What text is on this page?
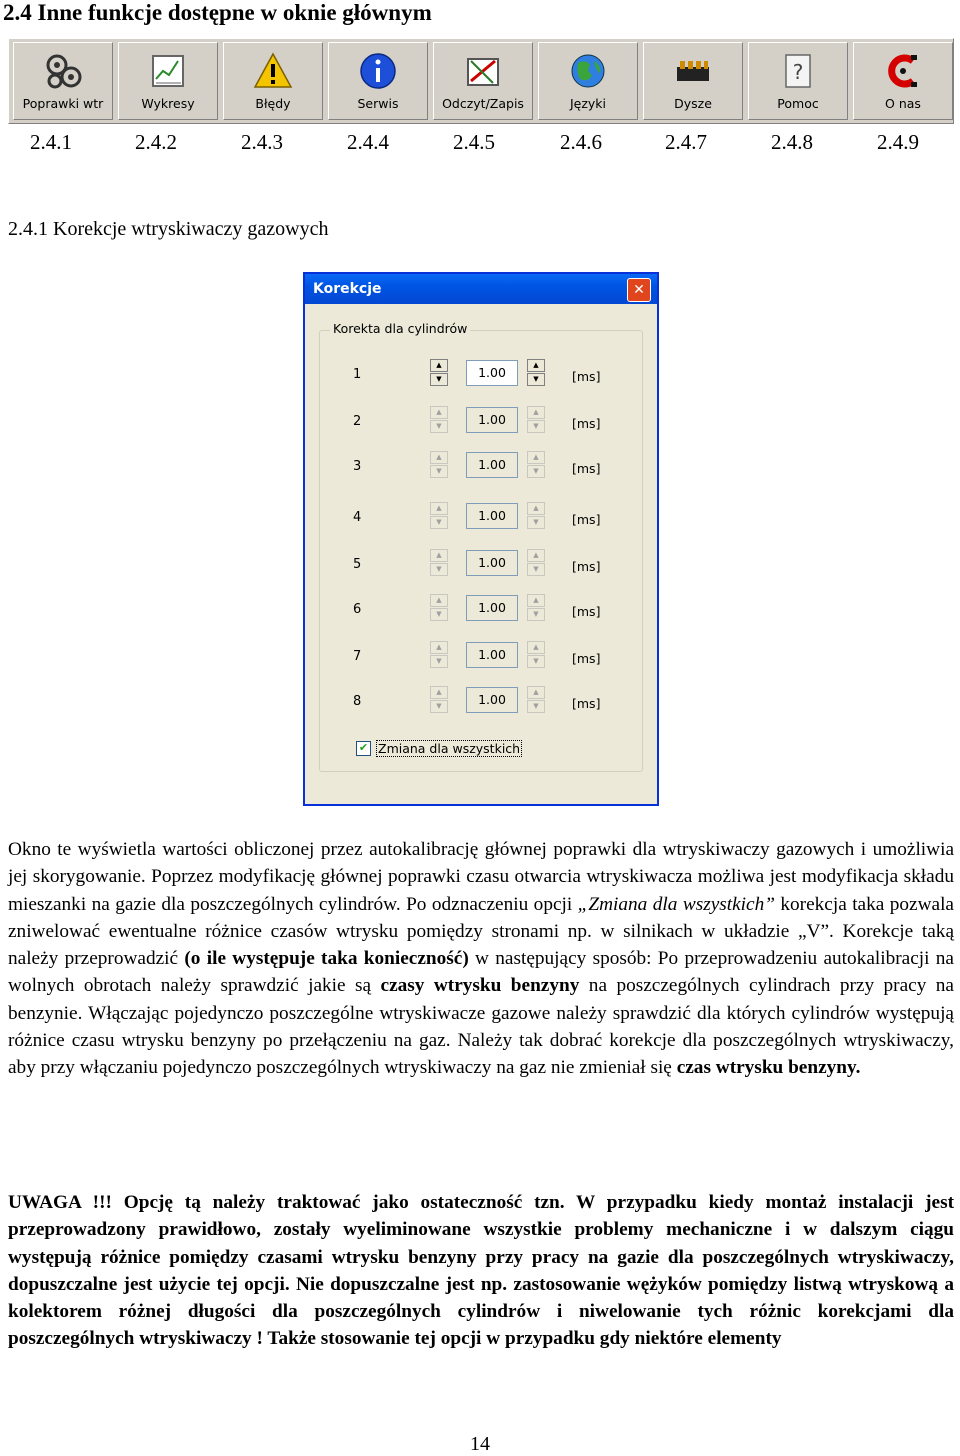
2.4 Inne funkcje dostępne w oknie głównym
Poprawki wtr	Wykresy	Błędy	Serwis	Odczyt/Zapis	Języki	Dysze
?
Pomoc	O nas
2.4.1	2.4.2	2.4.3	2.4.4	2.4.5	2.4.6	2.4.7	2.4.8	2.4.9
2.4.1 Korekcje wtryskiwaczy gazowych
Korekcje	✕
Korekta dla cylindrów
1
▲
▼	1.00	▲
▼	[ms]
2
▲
▼	1.00	▲
▼	[ms]
3
▲
▼	1.00	▲
▼	[ms]
4
▲
▼	1.00	▲
▼	[ms]
5
▲
▼	1.00	▲
▼	[ms]
6
▲
▼	1.00	▲
▼	[ms]
7
▲
▼	1.00	▲
▼	[ms]
8
▲
▼	1.00	▲
▼	[ms]
✔ Zmiana dla wszystkich

Okno te wyświetla wartości obliczonej przez autokalibrację głównej poprawki dla wtryskiwaczy gazowych i umożliwia jej skorygowanie. Poprzez modyfikację głównej poprawki czasu otwarcia wtryskiwacza możliwa jest modyfikacja składu mieszanki na gazie dla poszczególnych cylindrów. Po odznaczeniu opcji „Zmiana dla wszystkich” korekcja taka pozwala zniwelować ewentualne różnice czasów wtrysku pomiędzy stronami np. w silnikach w układzie „V”. Korekcje taką należy przeprowadzić (o ile występuje taka konieczność) w następujący sposób: Po przeprowadzeniu autokalibracji na wolnych obrotach należy sprawdzić jakie są czasy wtrysku benzyny na poszczególnych cylindrach przy pracy na benzynie. Włączając pojedynczo poszczególne wtryskiwacze gazowe należy sprawdzić dla których cylindrów występują różnice czasu wtrysku benzyny po przełączeniu na gaz. Należy tak dobrać korekcje dla poszczególnych wtryskiwaczy, aby przy włączaniu pojedynczo poszczególnych wtryskiwaczy na gaz nie zmieniał się czas wtrysku benzyny.

UWAGA !!! Opcję tą należy traktować jako ostateczność tzn. W przypadku kiedy montaż instalacji jest przeprowadzony prawidłowo, zostały wyeliminowane wszystkie problemy mechaniczne i w dalszym ciągu występują różnice pomiędzy czasami wtrysku benzyny przy pracy na gazie dla poszczególnych wtryskiwaczy, dopuszczalne jest użycie tej opcji. Nie dopuszczalne jest np. zastosowanie wężyków pomiędzy listwą wtryskową a kolektorem różnej długości dla poszczególnych cylindrów i niwelowanie tych różnic korekcjami dla poszczególnych wtryskiwaczy ! Także stosowanie tej opcji w przypadku gdy niektóre elementy

14
